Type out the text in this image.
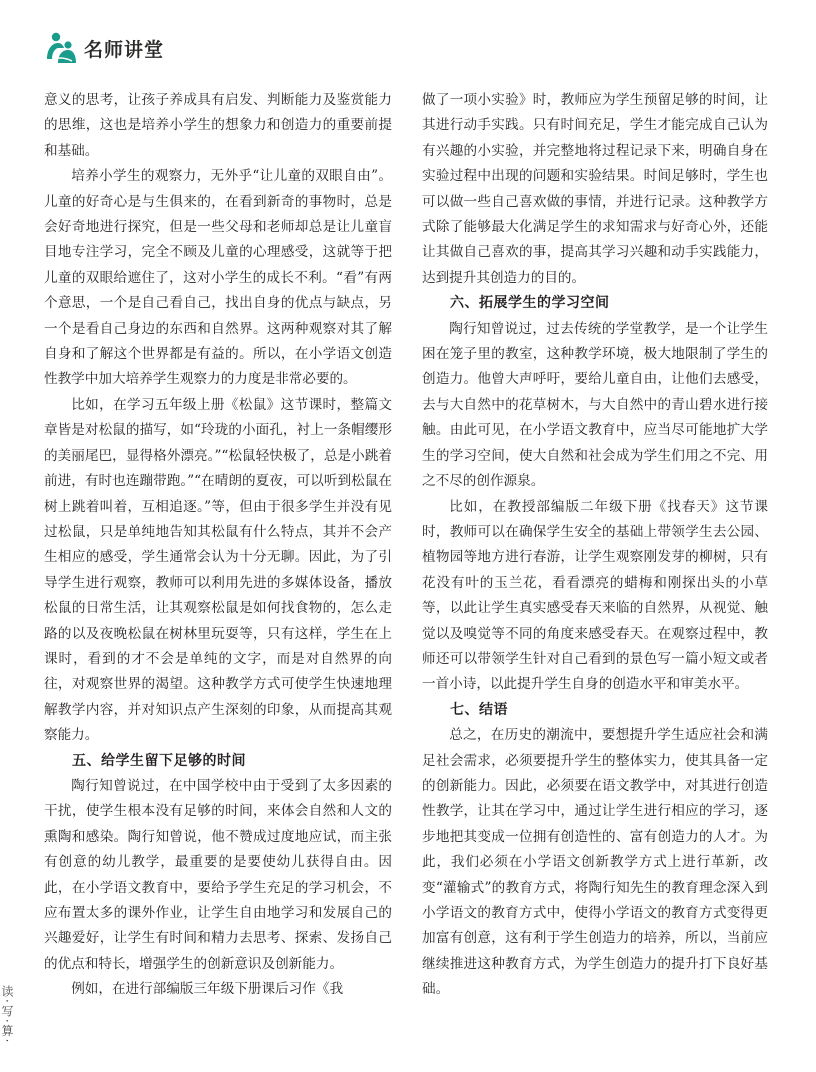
名师讲堂

意义的思考，让孩子养成具有启发、判断能力及鉴赏能力的思维，这也是培养小学生的想象力和创造力的重要前提和基础。

培养小学生的观察力，无外乎“让儿童的双眼自由”。儿童的好奇心是与生俱来的，在看到新奇的事物时，总是会好奇地进行探究，但是一些父母和老师却总是让儿童盲目地专注学习，完全不顾及儿童的心理感受，这就等于把儿童的双眼给遮住了，这对小学生的成长不利。“看”有两个意思，一个是自己看自己，找出自身的优点与缺点，另一个是看自己身边的东西和自然界。这两种观察对其了解自身和了解这个世界都是有益的。所以，在小学语文创造性教学中加大培养学生观察力的力度是非常必要的。

比如，在学习五年级上册《松鼠》这节课时，整篇文章皆是对松鼠的描写，如“玲珑的小面孔，衬上一条帽缨形的美丽尾巴，显得格外漂亮。”“松鼠轻快极了，总是小跳着前进，有时也连蹦带跑。”“在晴朗的夏夜，可以听到松鼠在树上跳着叫着，互相追逐。”等，但由于很多学生并没有见过松鼠，只是单纯地告知其松鼠有什么特点，其并不会产生相应的感受，学生通常会认为十分无聊。因此，为了引导学生进行观察，教师可以利用先进的多媒体设备，播放松鼠的日常生活，让其观察松鼠是如何找食物的，怎么走路的以及夜晚松鼠在树林里玩耍等，只有这样，学生在上课时，看到的才不会是单纯的文字，而是对自然界的向往，对观察世界的渴望。这种教学方式可使学生快速地理解教学内容，并对知识点产生深刻的印象，从而提高其观察能力。

五、给学生留下足够的时间

陶行知曾说过，在中国学校中由于受到了太多因素的干扰，使学生根本没有足够的时间，来体会自然和人文的熏陶和感染。陶行知曾说，他不赞成过度地应试，而主张有创意的幼儿教学，最重要的是要使幼儿获得自由。因此，在小学语文教育中，要给予学生充足的学习机会，不应布置太多的课外作业，让学生自由地学习和发展自己的兴趣爱好，让学生有时间和精力去思考、探索、发扬自己的优点和特长，增强学生的创新意识及创新能力。

例如，在进行部编版三年级下册课后习作《我

做了一项小实验》时，教师应为学生预留足够的时间，让其进行动手实践。只有时间充足，学生才能完成自己认为有兴趣的小实验，并完整地将过程记录下来，明确自身在实验过程中出现的问题和实验结果。时间足够时，学生也可以做一些自己喜欢做的事情，并进行记录。这种教学方式除了能够最大化满足学生的求知需求与好奇心外，还能让其做自己喜欢的事，提高其学习兴趣和动手实践能力，达到提升其创造力的目的。

六、拓展学生的学习空间

陶行知曾说过，过去传统的学堂教学，是一个让学生困在笼子里的教室，这种教学环境，极大地限制了学生的创造力。他曾大声呼吁，要给儿童自由，让他们去感受，去与大自然中的花草树木，与大自然中的青山碧水进行接触。由此可见，在小学语文教育中，应当尽可能地扩大学生的学习空间，使大自然和社会成为学生们用之不完、用之不尽的创作源泉。

比如，在教授部编版二年级下册《找春天》这节课时，教师可以在确保学生安全的基础上带领学生去公园、植物园等地方进行春游，让学生观察刚发芽的柳树，只有花没有叶的玉兰花，看看漂亮的蜡梅和刚探出头的小草等，以此让学生真实感受春天来临的自然界，从视觉、触觉以及嗅觉等不同的角度来感受春天。在观察过程中，教师还可以带领学生针对自己看到的景色写一篇小短文或者一首小诗，以此提升学生自身的创造水平和审美水平。

七、结语

总之，在历史的潮流中，要想提升学生适应社会和满足社会需求，必须要提升学生的整体实力，使其具备一定的创新能力。因此，必须要在语文教学中，对其进行创造性教学，让其在学习中，通过让学生进行相应的学习，逐步地把其变成一位拥有创造性的、富有创造力的人才。为此，我们必须在小学语文创新教学方式上进行革新，改变“灌输式”的教育方式，将陶行知先生的教育理念深入到小学语文的教育方式中，使得小学语文的教育方式变得更加富有创意，这有利于学生创造力的培养，所以，当前应继续推进这种教育方式，为学生创造力的提升打下良好基础。

读·写·算·
